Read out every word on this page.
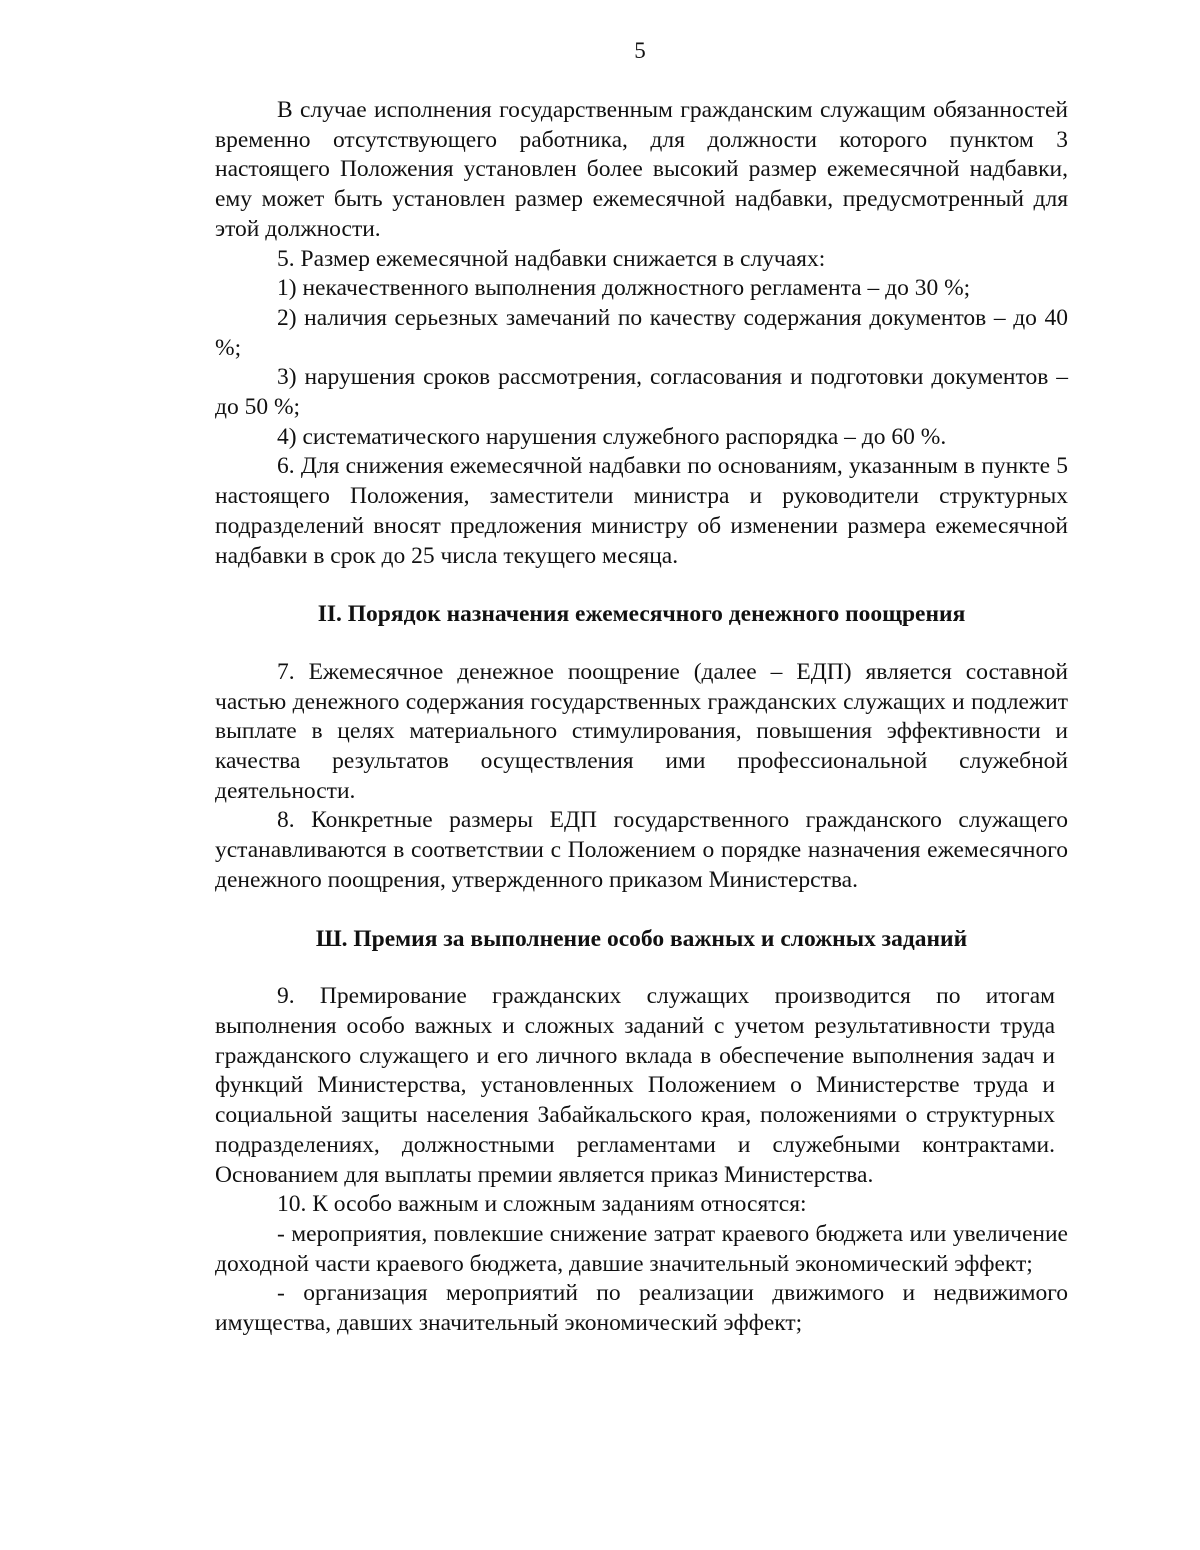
5

В случае исполнения государственным гражданским служащим обязанностей временно отсутствующего работника, для должности которого пунктом 3 настоящего Положения установлен более высокий размер ежемесячной надбавки, ему может быть установлен размер ежемесячной надбавки, предусмотренный для этой должности.

5. Размер ежемесячной надбавки снижается в случаях:

1) некачественного выполнения должностного регламента – до 30 %;

2) наличия серьезных замечаний по качеству содержания документов – до 40 %;

3) нарушения сроков рассмотрения, согласования и подготовки документов – до 50 %;

4) систематического нарушения служебного распорядка – до 60 %.

6. Для снижения ежемесячной надбавки по основаниям, указанным в пункте 5 настоящего Положения, заместители министра и руководители структурных подразделений вносят предложения министру об изменении размера ежемесячной надбавки в срок до 25 числа текущего месяца.

II. Порядок назначения ежемесячного денежного поощрения

7. Ежемесячное денежное поощрение (далее – ЕДП) является составной частью денежного содержания государственных гражданских служащих и подлежит выплате в целях материального стимулирования, повышения эффективности и качества результатов осуществления ими профессиональной служебной деятельности.

8. Конкретные размеры ЕДП государственного гражданского служащего устанавливаются в соответствии с Положением о порядке назначения ежемесячного денежного поощрения, утвержденного приказом Министерства.

Ш. Премия за выполнение особо важных и сложных заданий

9. Премирование гражданских служащих производится по итогам выполнения особо важных и сложных заданий с учетом результативности труда гражданского служащего и его личного вклада в обеспечение выполнения задач и функций Министерства, установленных Положением о Министерстве труда и социальной защиты населения Забайкальского края, положениями о структурных подразделениях, должностными регламентами и служебными контрактами. Основанием для выплаты премии является приказ Министерства.

10. К особо важным и сложным заданиям относятся:

- мероприятия, повлекшие снижение затрат краевого бюджета или увеличение доходной части краевого бюджета, давшие значительный экономический эффект;

- организация мероприятий по реализации движимого и недвижимого имущества, давших значительный экономический эффект;
